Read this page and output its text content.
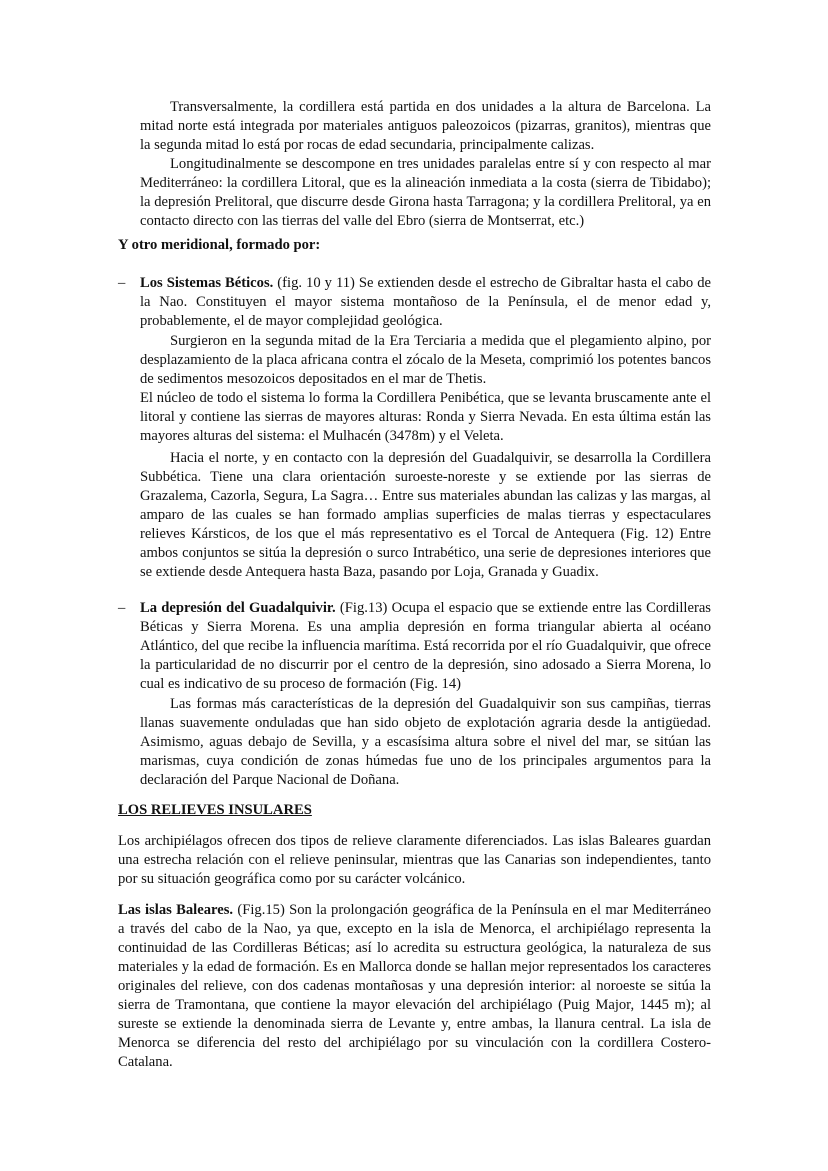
Transversalmente, la cordillera está partida en dos unidades a la altura de Barcelona. La mitad norte está integrada por materiales antiguos paleozoicos (pizarras, granitos), mientras que la segunda mitad lo está por rocas de edad secundaria, principalmente calizas.

Longitudinalmente se descompone en tres unidades paralelas entre sí y con respecto al mar Mediterráneo: la cordillera Litoral, que es la alineación inmediata a la costa (sierra de Tibidabo); la depresión Prelitoral, que discurre desde Girona hasta Tarragona; y la cordillera Prelitoral, ya en contacto directo con las tierras del valle del Ebro (sierra de Montserrat, etc.)

Y otro meridional, formado por:

– Los Sistemas Béticos. (fig. 10 y 11) Se extienden desde el estrecho de Gibraltar hasta el cabo de la Nao. Constituyen el mayor sistema montañoso de la Península, el de menor edad y, probablemente, el de mayor complejidad geológica.

Surgieron en la segunda mitad de la Era Terciaria a medida que el plegamiento alpino, por desplazamiento de la placa africana contra el zócalo de la Meseta, comprimió los potentes bancos de sedimentos mesozoicos depositados en el mar de Thetis.

El núcleo de todo el sistema lo forma la Cordillera Penibética, que se levanta bruscamente ante el litoral y contiene las sierras de mayores alturas: Ronda y Sierra Nevada. En esta última están las mayores alturas del sistema: el Mulhacén (3478m) y el Veleta.

Hacia el norte, y en contacto con la depresión del Guadalquivir, se desarrolla la Cordillera Subbética. Tiene una clara orientación suroeste-noreste y se extiende por las sierras de Grazalema, Cazorla, Segura, La Sagra… Entre sus materiales abundan las calizas y las margas, al amparo de las cuales se han formado amplias superficies de malas tierras y espectaculares relieves Kársticos, de los que el más representativo es el Torcal de Antequera (Fig. 12) Entre ambos conjuntos se sitúa la depresión o surco Intrabético, una serie de depresiones interiores que se extiende desde Antequera hasta Baza, pasando por Loja, Granada y Guadix.

– La depresión del Guadalquivir. (Fig.13) Ocupa el espacio que se extiende entre las Cordilleras Béticas y Sierra Morena. Es una amplia depresión en forma triangular abierta al océano Atlántico, del que recibe la influencia marítima. Está recorrida por el río Guadalquivir, que ofrece la particularidad de no discurrir por el centro de la depresión, sino adosado a Sierra Morena, lo cual es indicativo de su proceso de formación (Fig. 14)

Las formas más características de la depresión del Guadalquivir son sus campiñas, tierras llanas suavemente onduladas que han sido objeto de explotación agraria desde la antigüedad. Asimismo, aguas debajo de Sevilla, y a escasísima altura sobre el nivel del mar, se sitúan las marismas, cuya condición de zonas húmedas fue uno de los principales argumentos para la declaración del Parque Nacional de Doñana.

LOS RELIEVES INSULARES

Los archipiélagos ofrecen dos tipos de relieve claramente diferenciados. Las islas Baleares guardan una estrecha relación con el relieve peninsular, mientras que las Canarias son independientes, tanto por su situación geográfica como por su carácter volcánico.

Las islas Baleares. (Fig.15) Son la prolongación geográfica de la Península en el mar Mediterráneo a través del cabo de la Nao, ya que, excepto en la isla de Menorca, el archipiélago representa la continuidad de las Cordilleras Béticas; así lo acredita su estructura geológica, la naturaleza de sus materiales y la edad de formación. Es en Mallorca donde se hallan mejor representados los caracteres originales del relieve, con dos cadenas montañosas y una depresión interior: al noroeste se sitúa la sierra de Tramontana, que contiene la mayor elevación del archipiélago (Puig Major, 1445 m); al sureste se extiende la denominada sierra de Levante y, entre ambas, la llanura central. La isla de Menorca se diferencia del resto del archipiélago por su vinculación con la cordillera Costero-Catalana.
